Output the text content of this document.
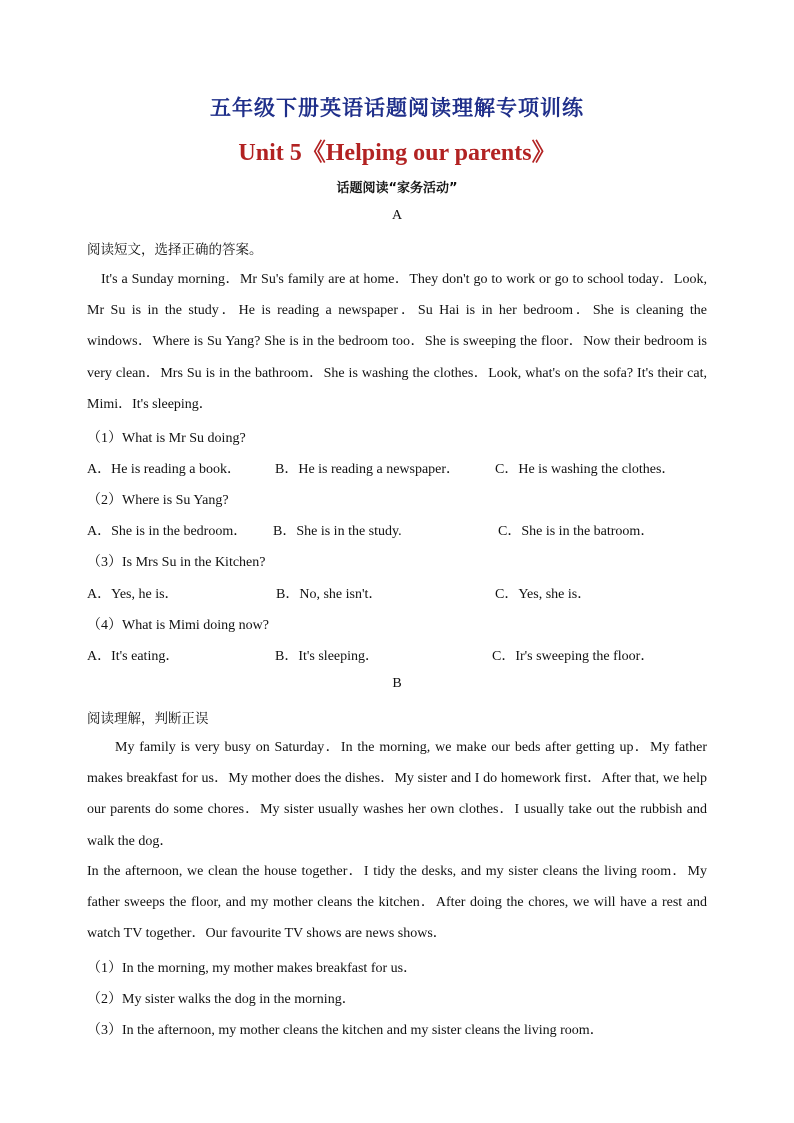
五年级下册英语话题阅读理解专项训练
Unit 5《Helping our parents》
话题阅读“家务活动”
A
阅读短文，选择正确的答案。

It's a Sunday morning．Mr Su's family are at home．They don't go to work or go to school today．Look, Mr Su is in the study．He is reading a newspaper．Su Hai is in her bedroom．She is cleaning the windows．Where is Su Yang? She is in the bedroom too．She is sweeping the floor．Now their bedroom is very clean．Mrs Su is in the bathroom．She is washing the clothes．Look, what's on the sofa? It's their cat, Mimi．It's sleeping．

（1）What is Mr Su doing?
A．He is reading a book． B．He is reading a newspaper． C．He is washing the clothes．
（2）Where is Su Yang?
A．She is in the bedroom． B．She is in the study.	C．She is in the batroom．
（3）Is Mrs Su in the Kitchen?
A．Yes, he is．	B．No, she isn't．	C．Yes, she is．
（4）What is Mimi doing now?
A．It's eating．	B．It's sleeping．	C．Ir's sweeping the floor．
B
阅读理解，判断正误

My family is very busy on Saturday．In the morning, we make our beds after getting up．My father makes breakfast for us．My mother does the dishes．My sister and I do homework first．After that, we help our parents do some chores．My sister usually washes her own clothes．I usually take out the rubbish and walk the dog．

In the afternoon, we clean the house together．I tidy the desks, and my sister cleans the living room．My father sweeps the floor, and my mother cleans the kitchen．After doing the chores, we will have a rest and watch TV together．Our favourite TV shows are news shows．

（1）In the morning, my mother makes breakfast for us．
（2）My sister walks the dog in the morning．
（3）In the afternoon, my mother cleans the kitchen and my sister cleans the living room．
